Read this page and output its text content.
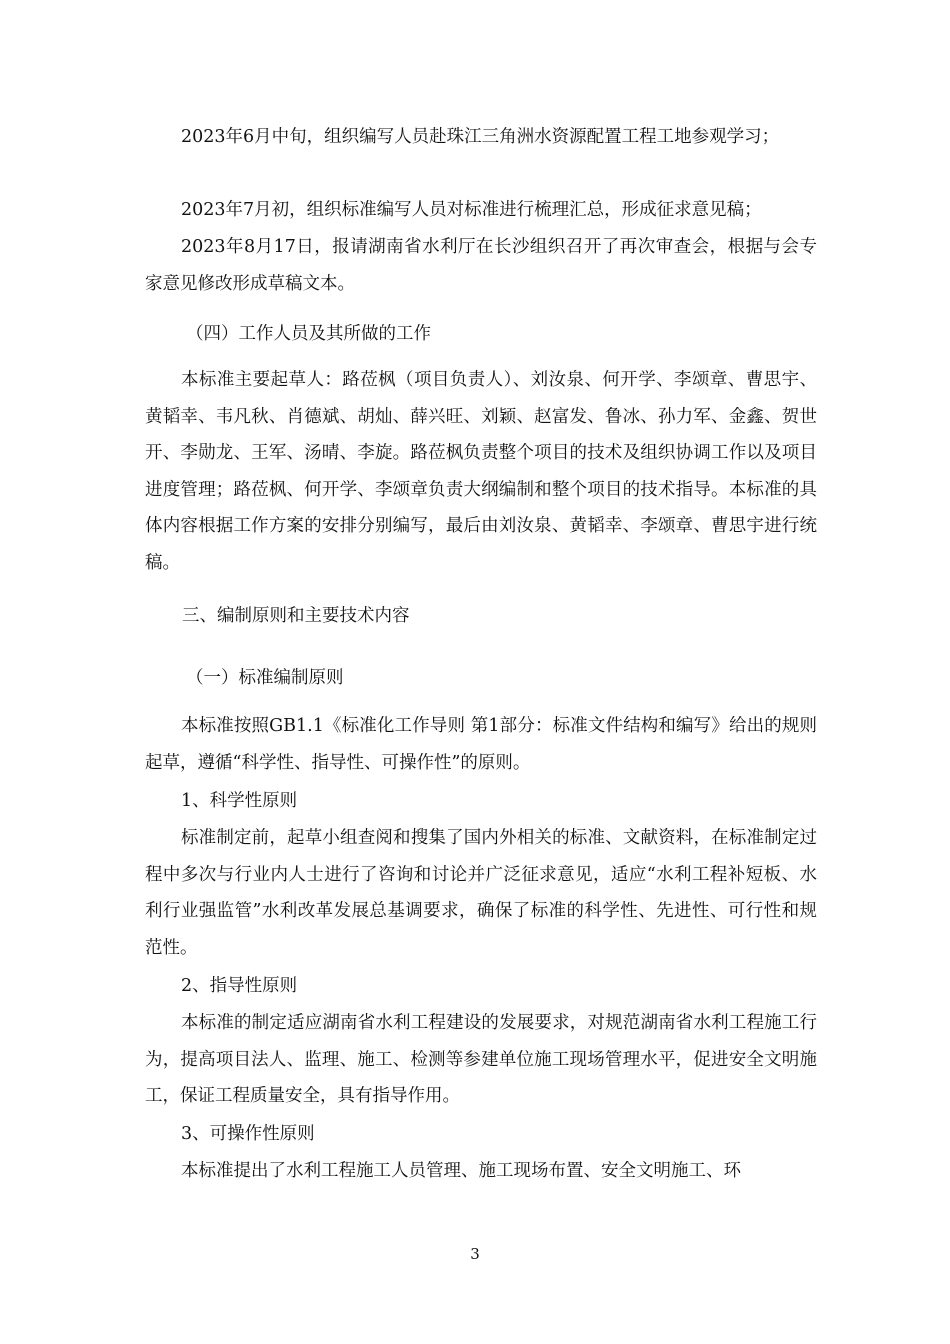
2023年6月中旬，组织编写人员赴珠江三角洲水资源配置工程工地参观学习；
2023年7月初，组织标准编写人员对标准进行梳理汇总，形成征求意见稿；
2023年8月17日，报请湖南省水利厅在长沙组织召开了再次审查会，根据与会专家意见修改形成草稿文本。
（四）工作人员及其所做的工作
本标准主要起草人：路莅枫（项目负责人）、刘汝泉、何开学、李颂章、曹思宇、黄韬幸、韦凡秋、肖德斌、胡灿、薛兴旺、刘颖、赵富发、鲁冰、孙力军、金鑫、贺世开、李勋龙、王军、汤晴、李旋。路莅枫负责整个项目的技术及组织协调工作以及项目进度管理；路莅枫、何开学、李颂章负责大纲编制和整个项目的技术指导。本标准的具体内容根据工作方案的安排分别编写，最后由刘汝泉、黄韬幸、李颂章、曹思宇进行统稿。
三、编制原则和主要技术内容
（一）标准编制原则
本标准按照GB1.1《标准化工作导则 第1部分：标准文件结构和编写》给出的规则起草，遵循“科学性、指导性、可操作性”的原则。
1、科学性原则
标准制定前，起草小组查阅和搜集了国内外相关的标准、文献资料，在标准制定过程中多次与行业内人士进行了咨询和讨论并广泛征求意见，适应“水利工程补短板、水利行业强监管”水利改革发展总基调要求，确保了标准的科学性、先进性、可行性和规范性。
2、指导性原则
本标准的制定适应湖南省水利工程建设的发展要求，对规范湖南省水利工程施工行为，提高项目法人、监理、施工、检测等参建单位施工现场管理水平，促进安全文明施工，保证工程质量安全，具有指导作用。
3、可操作性原则
本标准提出了水利工程施工人员管理、施工现场布置、安全文明施工、环
3
